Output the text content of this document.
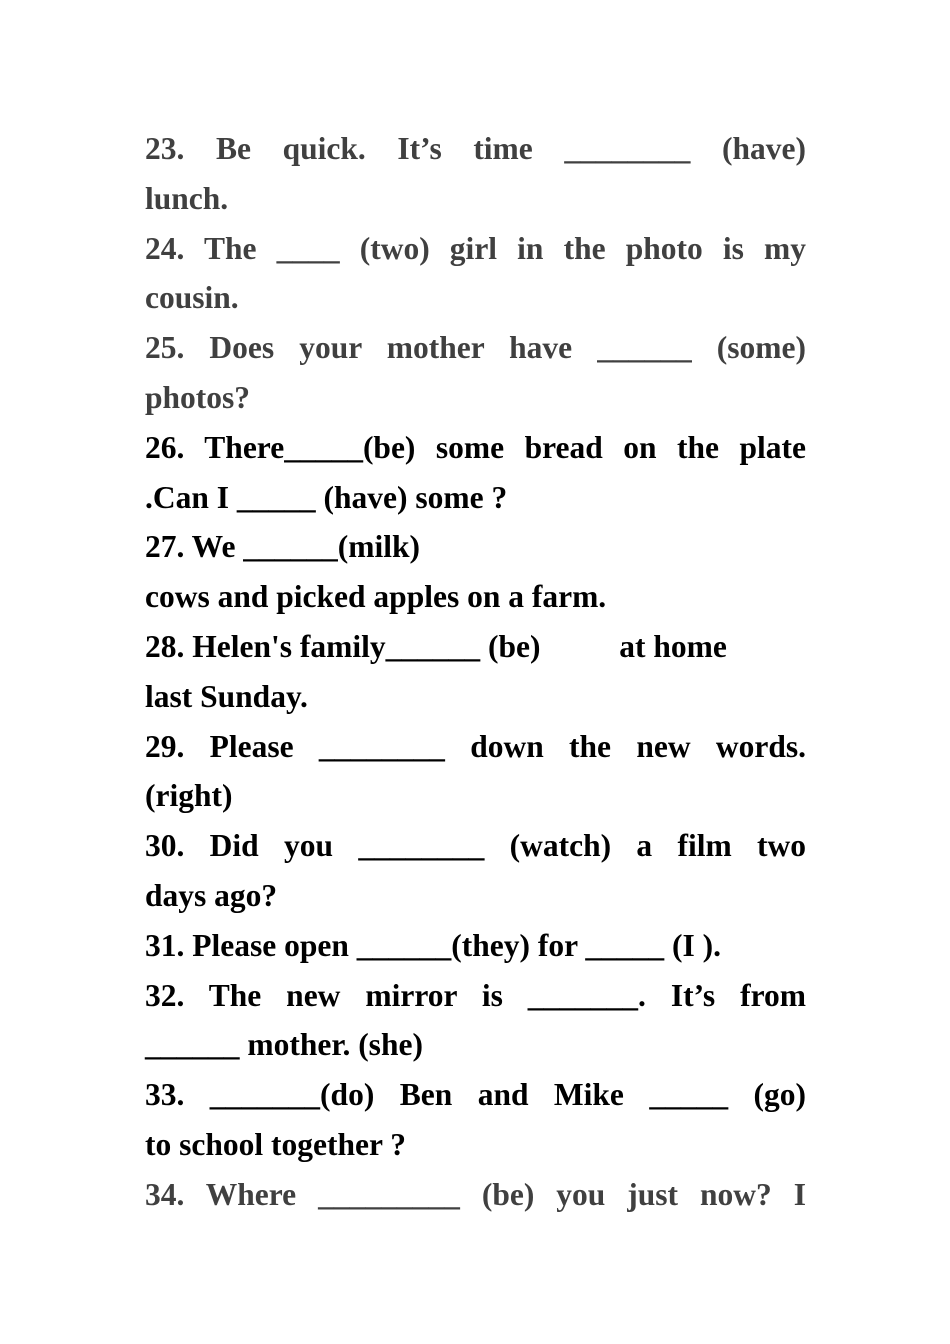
23. Be quick. It’s time ________ (have)
lunch.
24. The ____ (two) girl in the photo is my
cousin.
25. Does your mother have ______ (some)
photos?
26. There_____(be) some bread on the plate
.Can I _____ (have) some ?
27. We ______(milk)
cows and picked apples on a farm.
28. Helen's family______ (be)          at home
last Sunday.
29. Please ________ down the new words.
(right)
30. Did you ________ (watch) a film two
days ago?
31. Please open ______(they) for _____ (I ).
32. The new mirror is _______. It’s from
______ mother. (she)
33. _______(do) Ben and Mike _____ (go)
to school together ?
34. Where _________ (be) you just now? I
